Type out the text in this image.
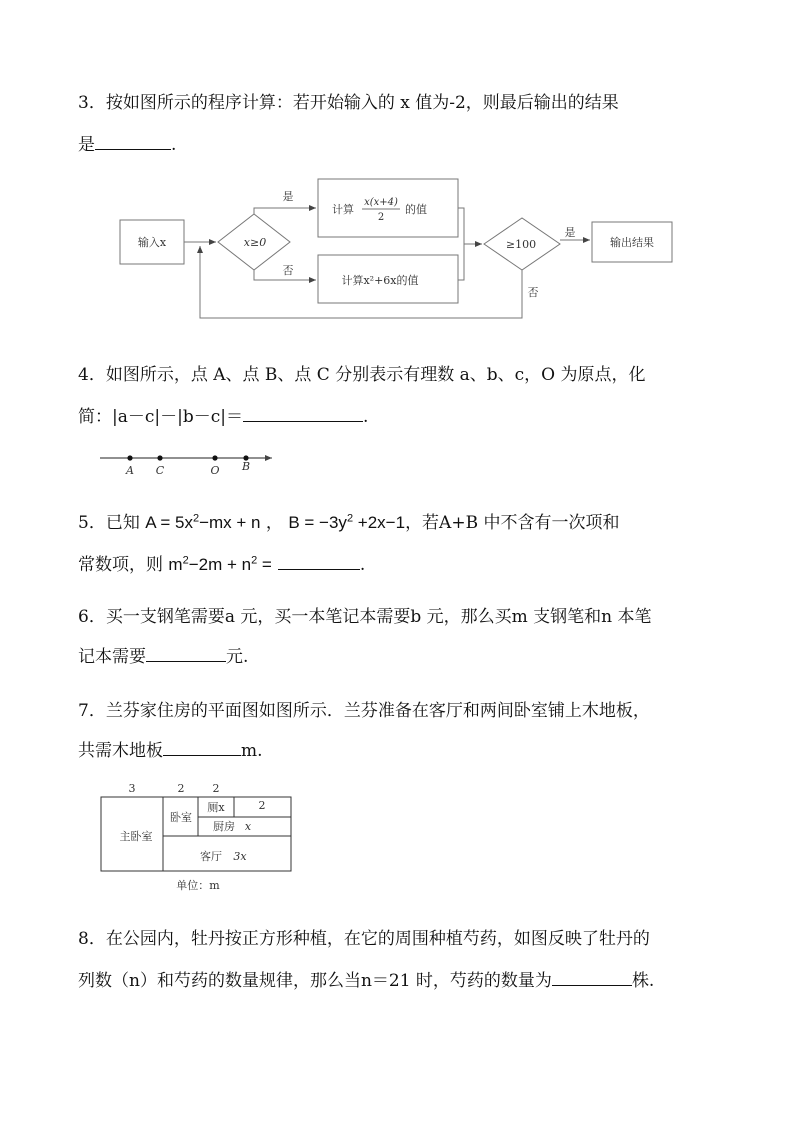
3．按如图所示的程序计算：若开始输入的 x 值为-2，则最后输出的结果
是	.
输入x	x≥0
是
否
计算
x(x+4)
2
的值
计算x²+6x的值
≥100
是
否
输出结果
A C	O B
3	2	2
2
主卧室
卧室
厕x
厨房 x
客厅 3x
单位：m
4．如图所示，点 A、点 B、点 C 分别表示有理数 a、b、c，O 为原点，化
简：|a－c|－|b－c|＝	.
5．已知 $A = 5x^2-mx + n$ ， $B = -3y^2 +2x-1$，若A+B 中不含有一次项和
常数项，则 $m^2-2m + n^2$ =	.
6．买一支钢笔需要a 元，买一本笔记本需要b 元，那么买m 支钢笔和n 本笔
记本需要	元.
7．兰芬家住房的平面图如图所示．兰芬准备在客厅和两间卧室铺上木地板，
共需木地板	m.
8．在公园内，牡丹按正方形种植，在它的周围种植芍药，如图反映了牡丹的
列数（n）和芍药的数量规律，那么当n＝21 时，芍药的数量为	株.
